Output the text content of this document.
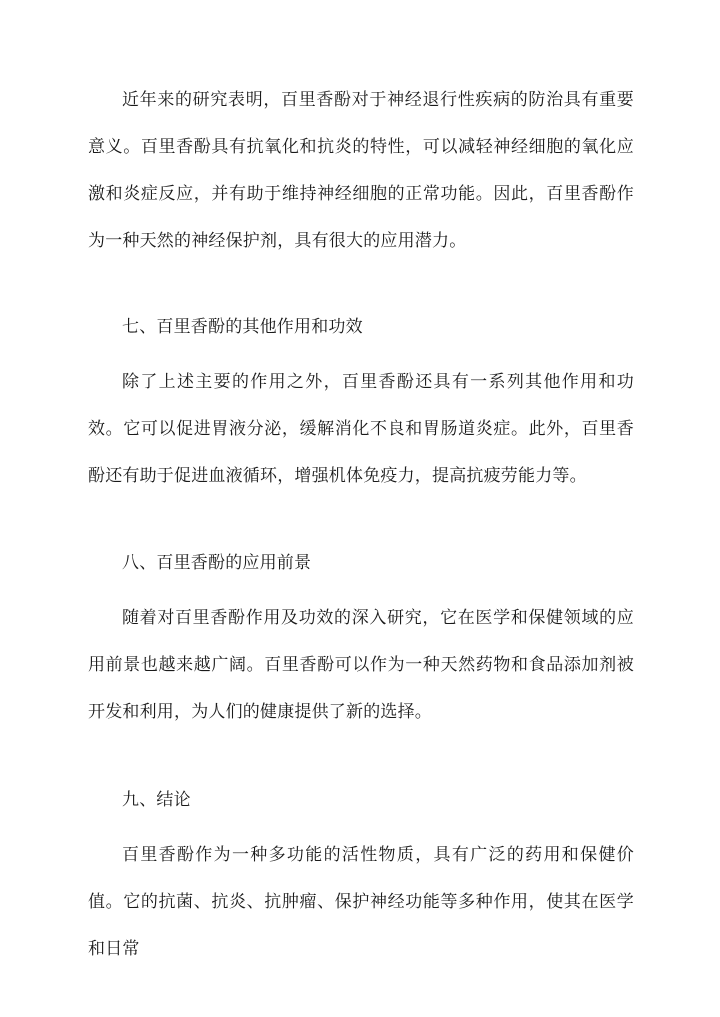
近年来的研究表明，百里香酚对于神经退行性疾病的防治具有重要意义。百里香酚具有抗氧化和抗炎的特性，可以减轻神经细胞的氧化应激和炎症反应，并有助于维持神经细胞的正常功能。因此，百里香酚作为一种天然的神经保护剂，具有很大的应用潜力。

七、百里香酚的其他作用和功效

除了上述主要的作用之外，百里香酚还具有一系列其他作用和功效。它可以促进胃液分泌，缓解消化不良和胃肠道炎症。此外，百里香酚还有助于促进血液循环，增强机体免疫力，提高抗疲劳能力等。

八、百里香酚的应用前景

随着对百里香酚作用及功效的深入研究，它在医学和保健领域的应用前景也越来越广阔。百里香酚可以作为一种天然药物和食品添加剂被开发和利用，为人们的健康提供了新的选择。

九、结论

百里香酚作为一种多功能的活性物质，具有广泛的药用和保健价值。它的抗菌、抗炎、抗肿瘤、保护神经功能等多种作用，使其在医学和日常
